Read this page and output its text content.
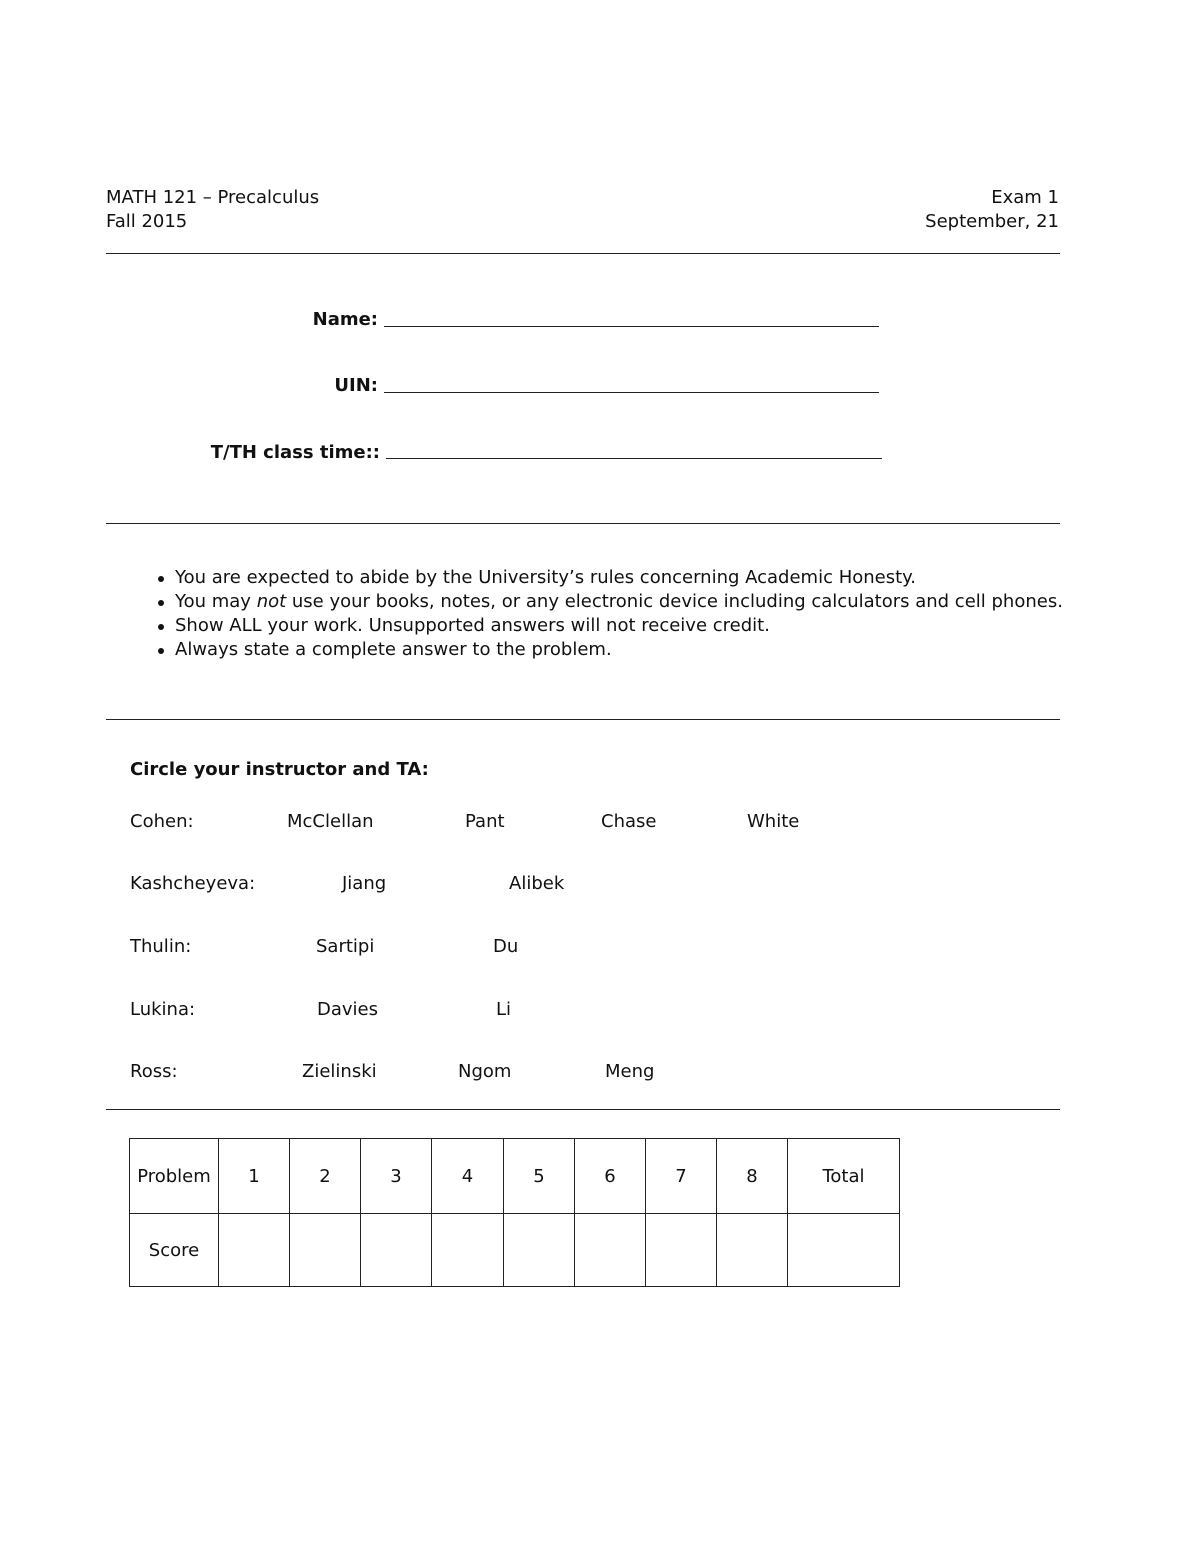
MATH 121 – Precalculus
Fall 2015
Exam 1
September, 21
Name:
UIN:
T/TH class time::
You are expected to abide by the University’s rules concerning Academic Honesty.
You may not use your books, notes, or any electronic device including calculators and cell phones.
Show ALL your work. Unsupported answers will not receive credit.
Always state a complete answer to the problem.
Circle your instructor and TA:
Cohen:	McClellan	Pant	Chase	White
Kashcheyeva:	Jiang	Alibek
Thulin:	Sartipi	Du
Lukina:	Davies	Li
Ross:	Zielinski	Ngom	Meng
Problem	1	2	3	4	5	6	7	8	Total
Score									
